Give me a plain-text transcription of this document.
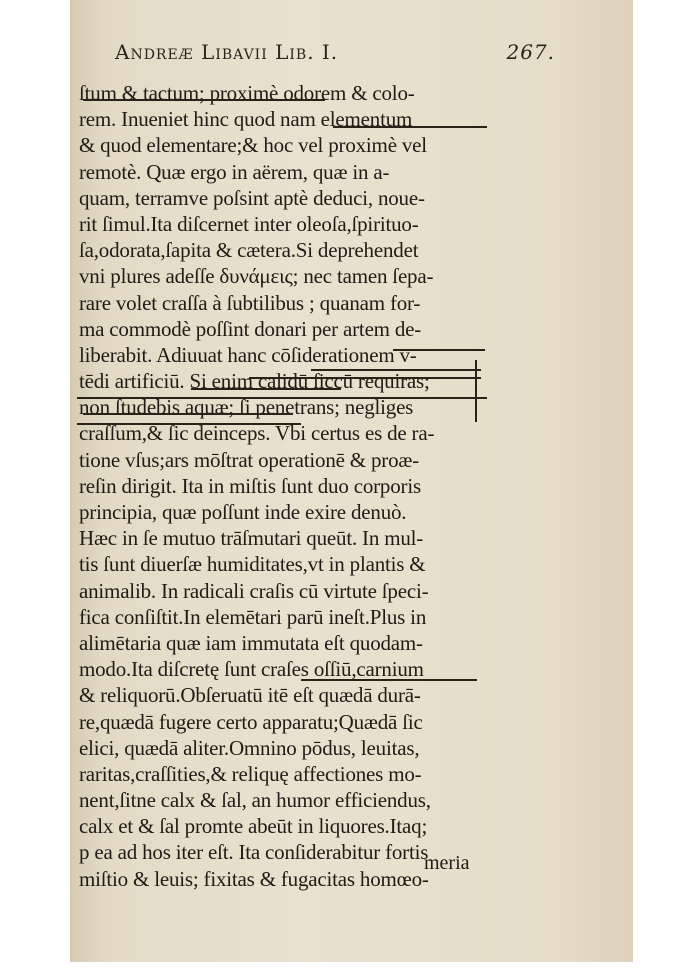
Andreæ Libavii Lib. I.	267.
ſtum & tactum; proximè odorem & colo-
rem. Inueniet hinc quod nam elementum
& quod elementare;& hoc vel proximè vel
remotè. Quæ ergo in aërem, quæ in a-
quam, terramve poſsint aptè deduci, noue-
rit ſimul.Ita diſcernet inter oleoſa,ſpirituo-
ſa,odorata,ſapita & cætera.Si deprehendet
vni plures adeſſe δυνάμεις; nec tamen ſepa-
rare volet craſſa à ſubtilibus ; quanam for-
ma commodè poſſint donari per artem de-
liberabit. Adiuuat hanc cōſiderationem v-
tēdi artificiū. Si enim calidū ſiccū requiras;
non ſtudebis aquæ; ſi penetrans; negliges
craſſum,& ſic deinceps. Vbi certus es de ra-
tione vſus;ars mōſtrat operationē & proæ-
reſin dirigit. Ita in miſtis ſunt duo corporis
principia, quæ poſſunt inde exire denuò.
Hæc in ſe mutuo trāſmutari queūt. In mul-
tis ſunt diuerſæ humiditates,vt in plantis &
animalib. In radicali craſis cū virtute ſpeci-
fica conſiſtit.In elemētari parū ineſt.Plus in
alimētaria quæ iam immutata eſt quodam-
modo.Ita diſcretę ſunt craſes oſſiū,carnium
& reliquorū.Obſeruatū itē eſt quædā durā-
re,quædā fugere certo apparatu;Quædā ſic
elici, quædā aliter.Omnino pōdus, leuitas,
raritas,craſſities,& reliquę affectiones mo-
nent,ſitne calx & ſal, an humor efficiendus,
calx et & ſal promte abeūt in liquores.Itaq;
p ea ad hos iter eſt. Ita conſiderabitur fortis
miſtio & leuis; fixitas & fugacitas homœo-
meria
